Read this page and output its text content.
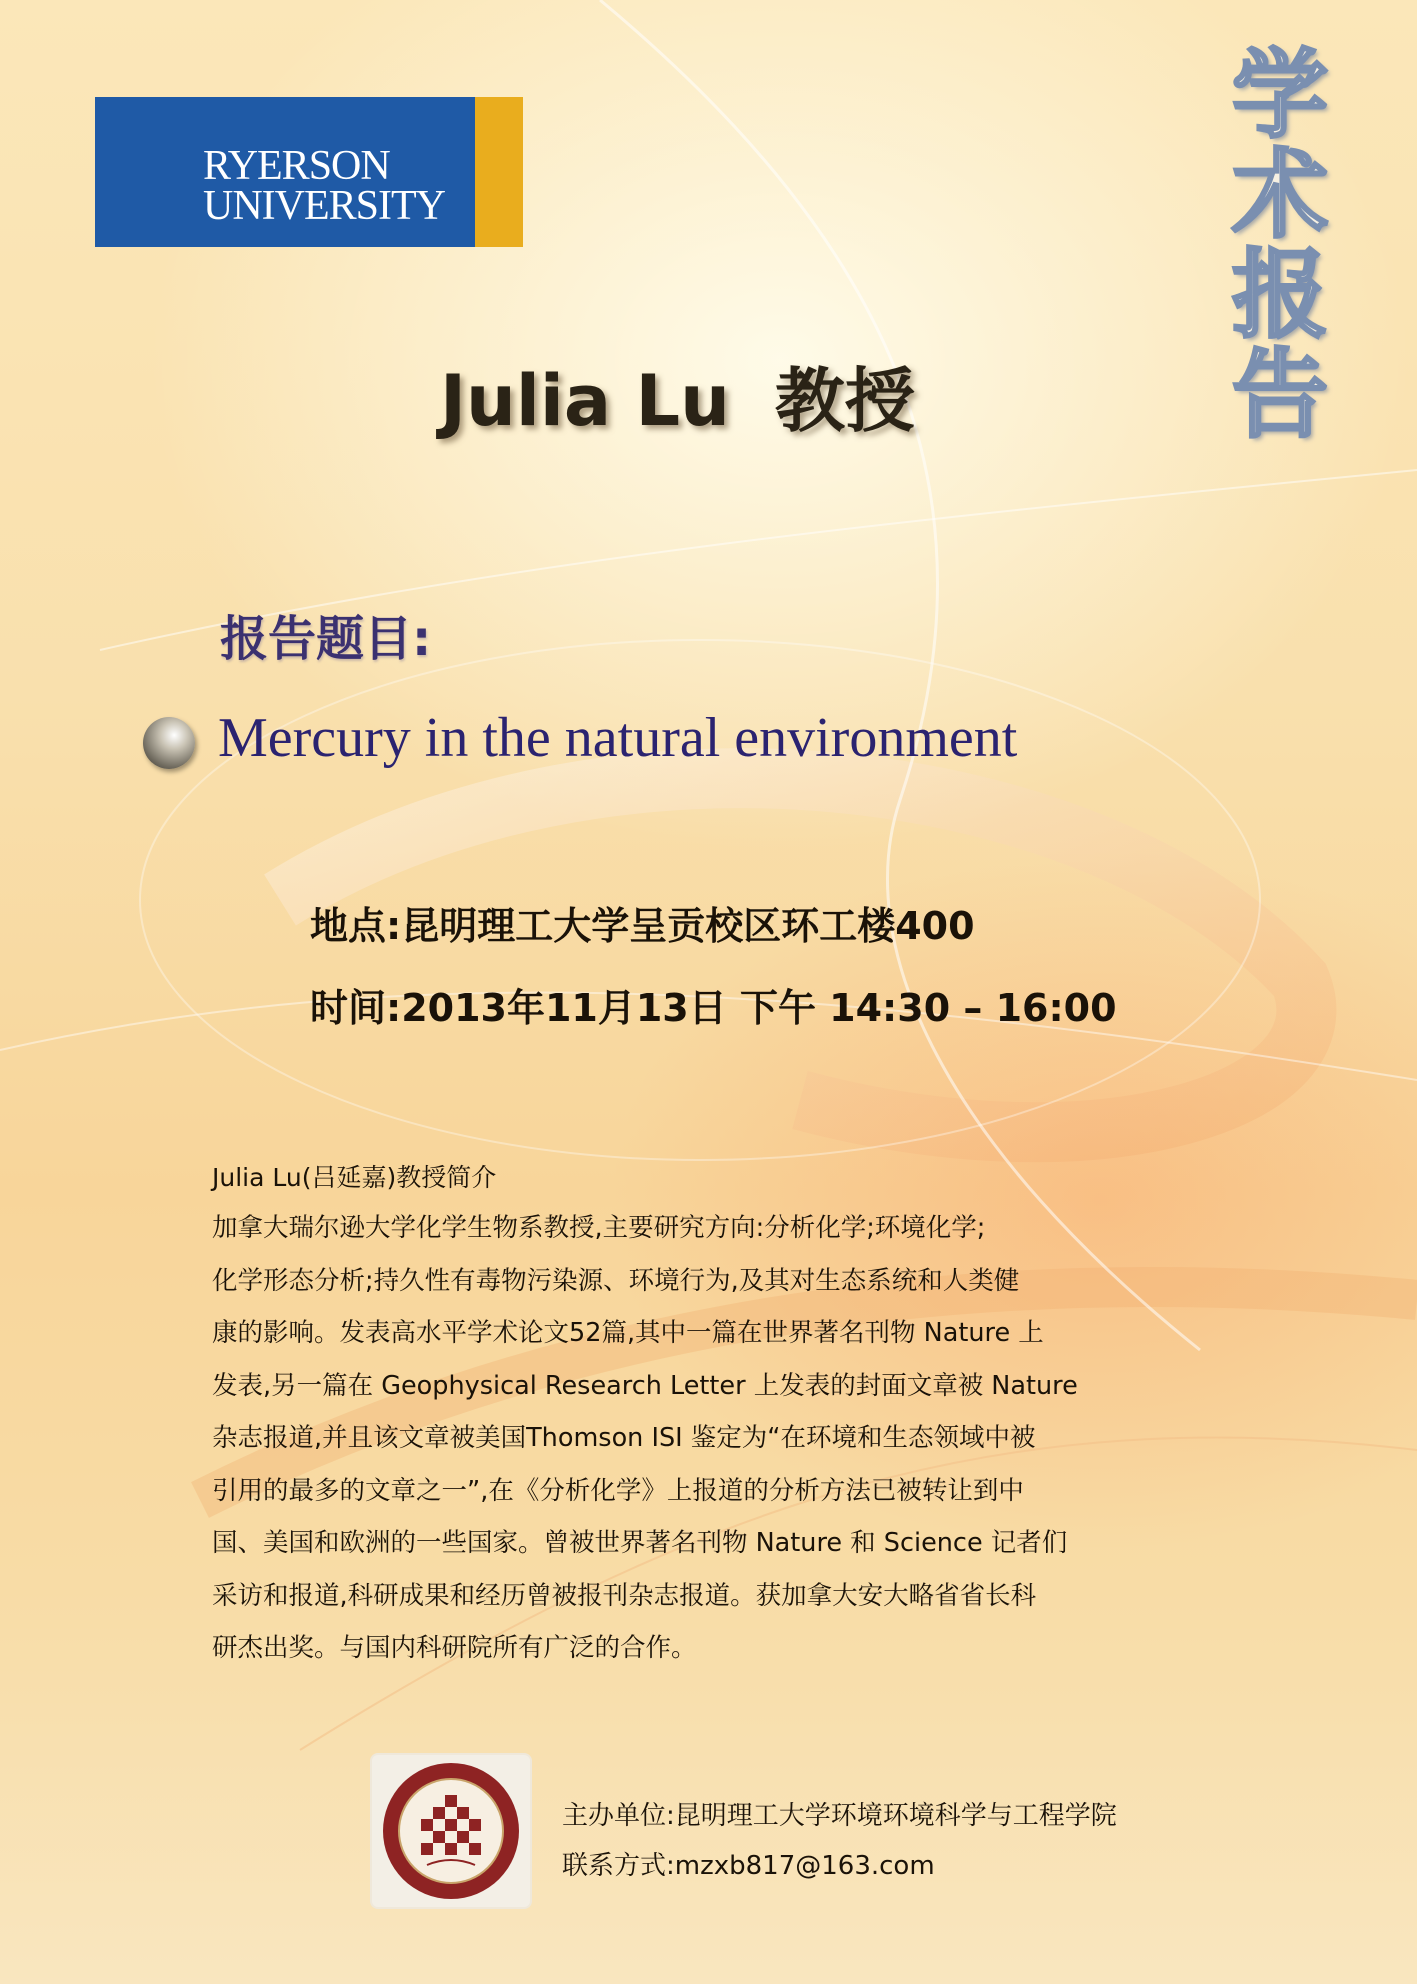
RYERSON
UNIVERSITY
学
术
报
告
Julia Lu 教授
报告题目:
Mercury in the natural environment
地点:昆明理工大学呈贡校区环工楼400
时间:2013年11月13日 下午 14:30 – 16:00
Julia Lu(吕延嘉)教授简介
加拿大瑞尔逊大学化学生物系教授,主要研究方向:分析化学;环境化学;
化学形态分析;持久性有毒物污染源、环境行为,及其对生态系统和人类健
康的影响。发表高水平学术论文52篇,其中一篇在世界著名刊物 Nature 上
发表,另一篇在 Geophysical Research Letter 上发表的封面文章被 Nature
杂志报道,并且该文章被美国Thomson ISI 鉴定为“在环境和生态领域中被
引用的最多的文章之一”,在《分析化学》上报道的分析方法已被转让到中
国、美国和欧洲的一些国家。曾被世界著名刊物 Nature 和 Science 记者们
采访和报道,科研成果和经历曾被报刊杂志报道。获加拿大安大略省省长科
研杰出奖。与国内科研院所有广泛的合作。
主办单位:昆明理工大学环境环境科学与工程学院
联系方式:mzxb817@163.com
